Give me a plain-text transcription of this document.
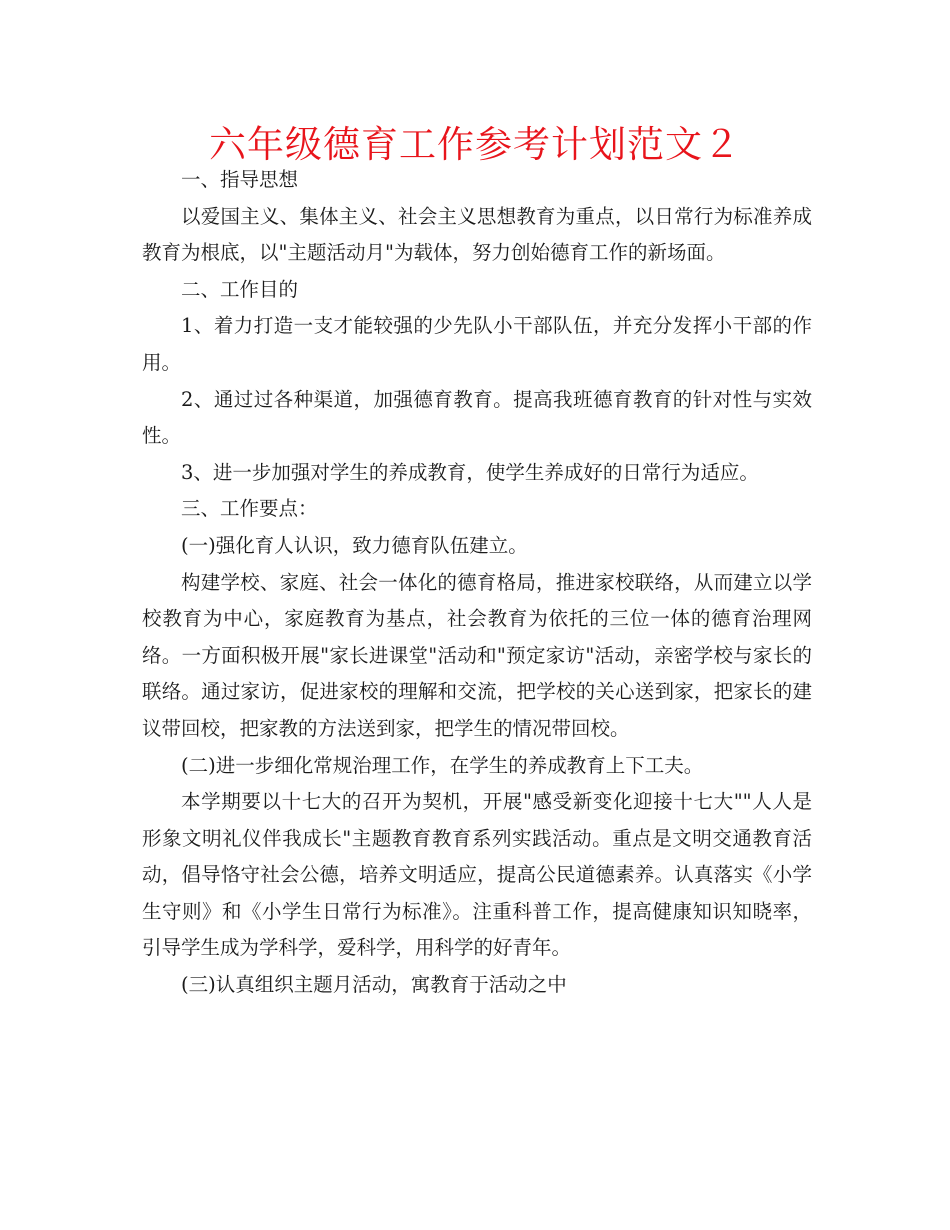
六年级德育工作参考计划范文２

一、指导思想

以爱国主义、集体主义、社会主义思想教育为重点，以日常行为标准养成教育为根底，以"主题活动月"为载体，努力创始德育工作的新场面。

二、工作目的

1、着力打造一支才能较强的少先队小干部队伍，并充分发挥小干部的作用。

2、通过过各种渠道，加强德育教育。提高我班德育教育的针对性与实效性。

3、进一步加强对学生的养成教育，使学生养成好的日常行为适应。

三、工作要点：

(一)强化育人认识，致力德育队伍建立。

构建学校、家庭、社会一体化的德育格局，推进家校联络，从而建立以学校教育为中心，家庭教育为基点，社会教育为依托的三位一体的德育治理网络。一方面积极开展"家长进课堂"活动和"预定家访"活动，亲密学校与家长的联络。通过家访，促进家校的理解和交流，把学校的关心送到家，把家长的建议带回校，把家教的方法送到家，把学生的情况带回校。

(二)进一步细化常规治理工作，在学生的养成教育上下工夫。

本学期要以十七大的召开为契机，开展"感受新变化迎接十七大""人人是形象文明礼仪伴我成长"主题教育教育系列实践活动。重点是文明交通教育活动，倡导恪守社会公德，培养文明适应，提高公民道德素养。认真落实《小学生守则》和《小学生日常行为标准》。注重科普工作，提高健康知识知晓率，引导学生成为学科学，爱科学，用科学的好青年。

(三)认真组织主题月活动，寓教育于活动之中
